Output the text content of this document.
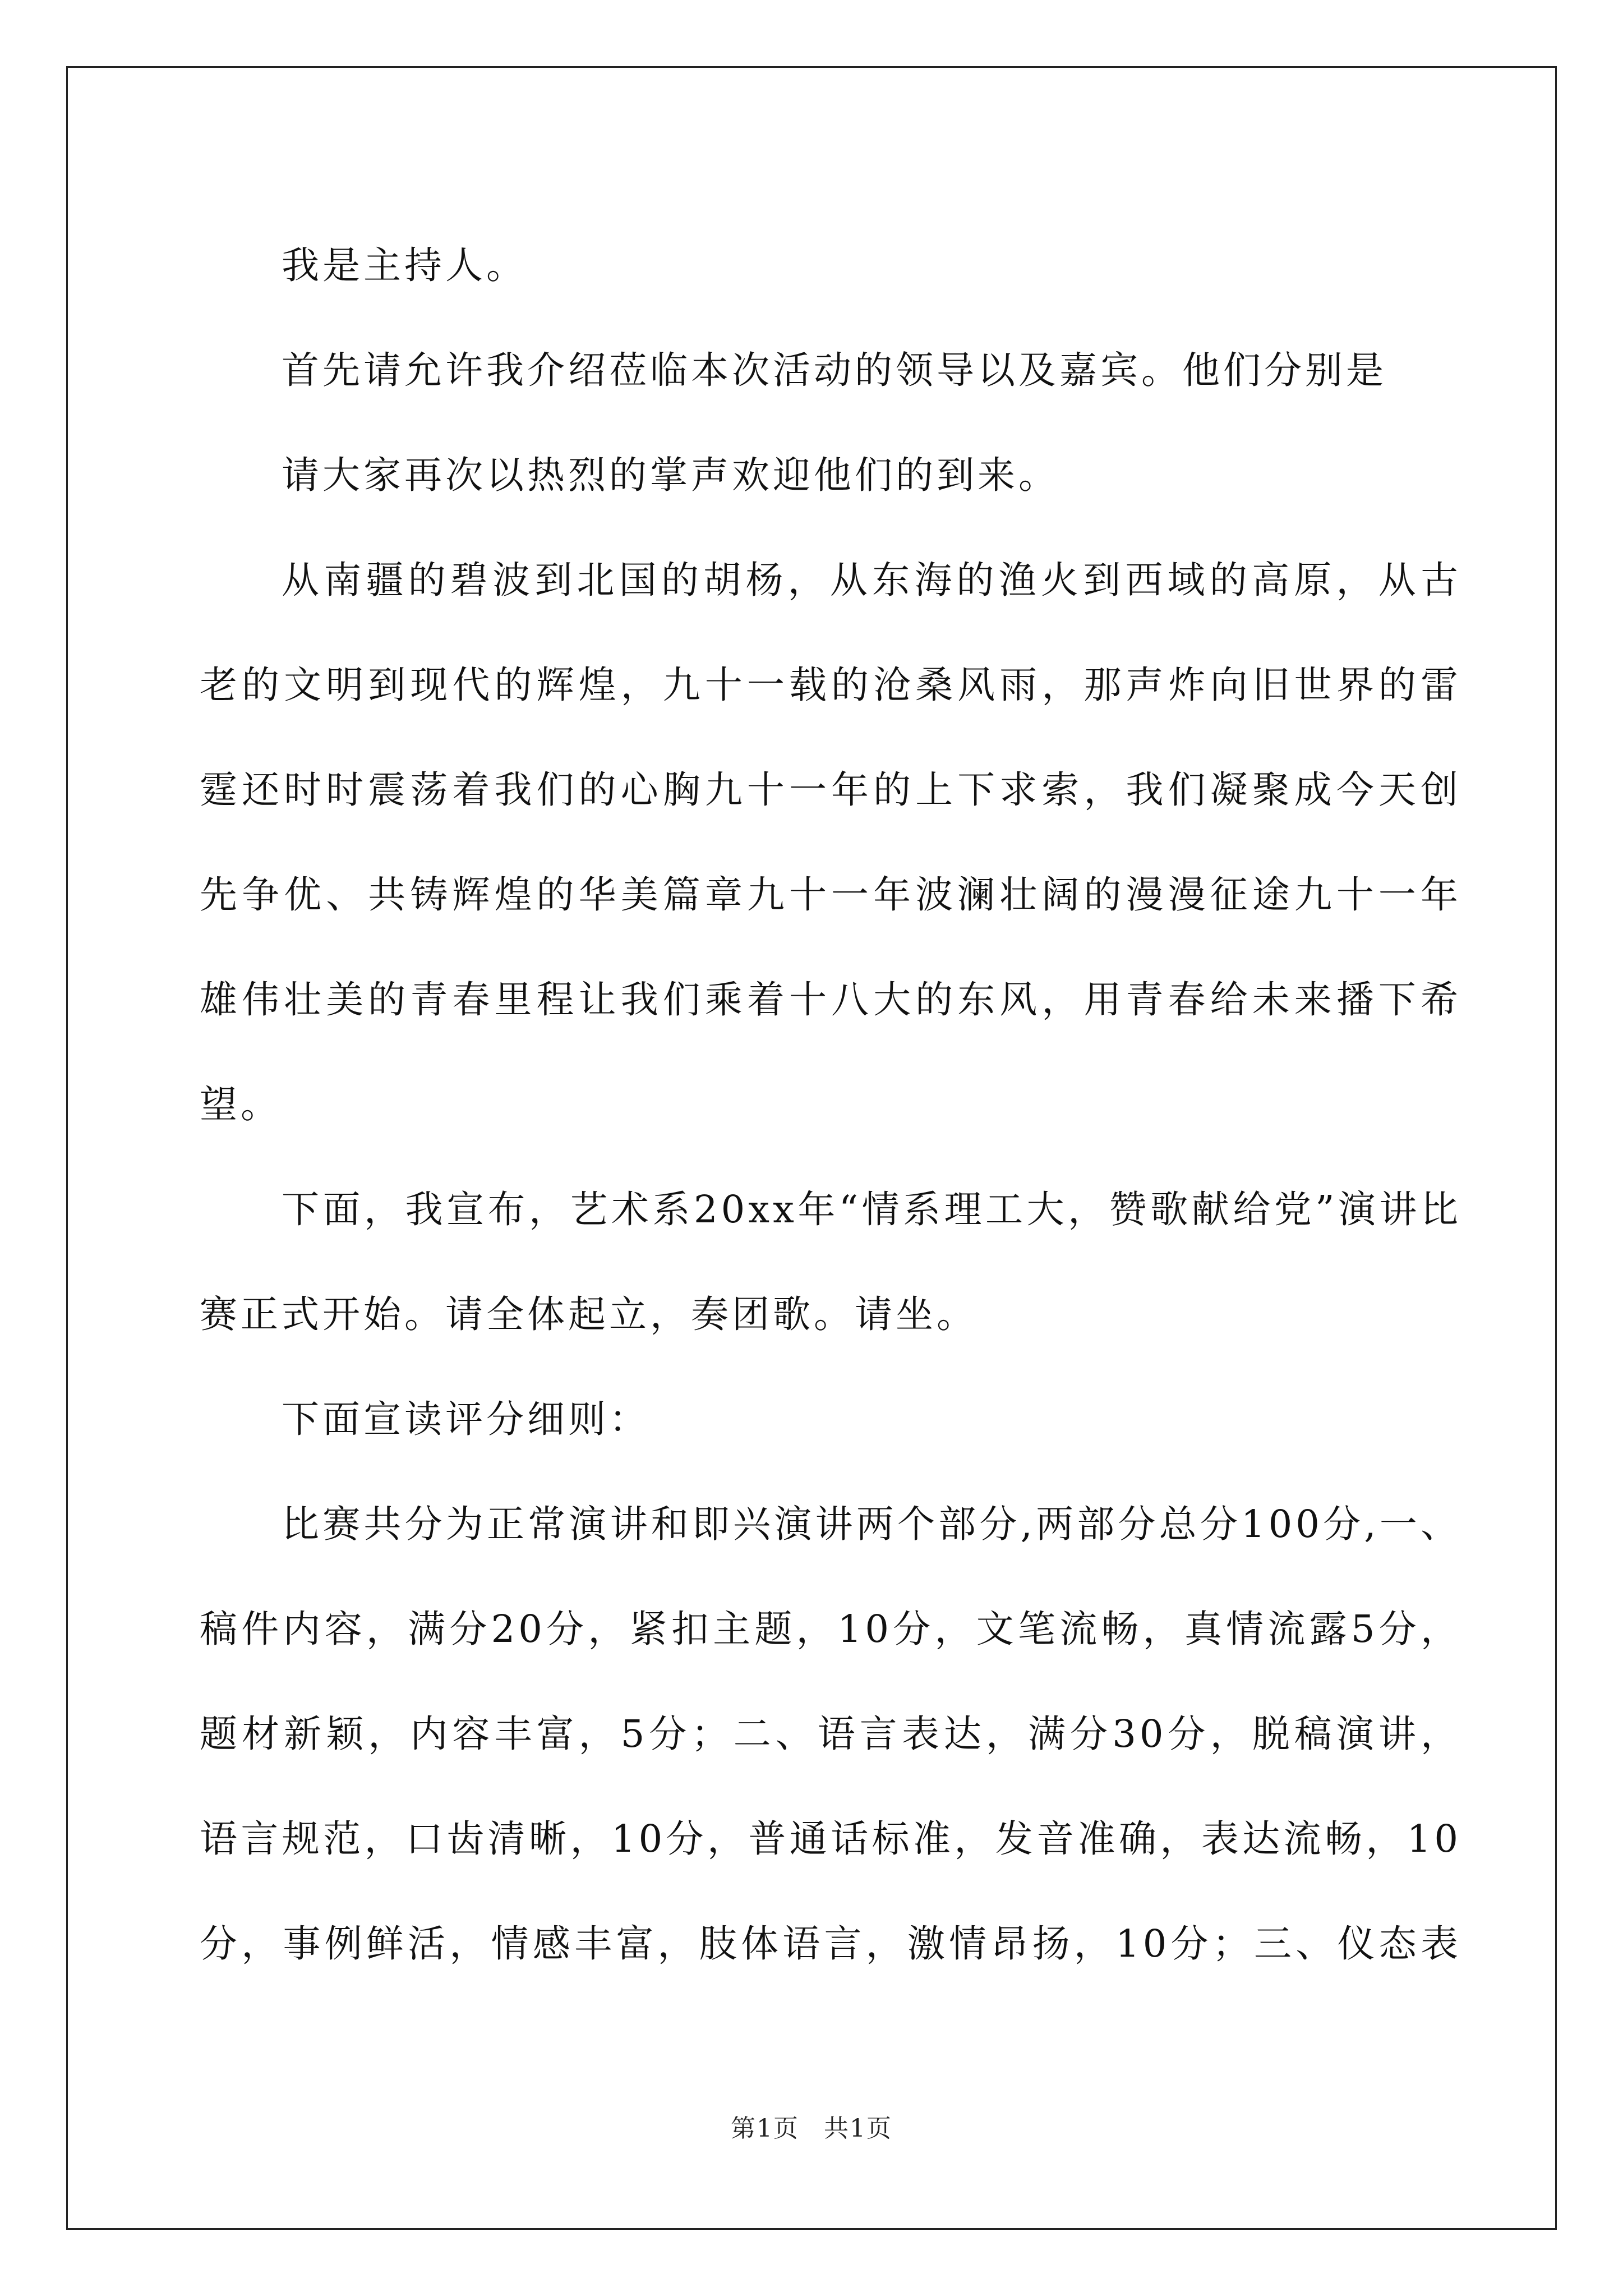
我是主持人。

首先请允许我介绍莅临本次活动的领导以及嘉宾。他们分别是

请大家再次以热烈的掌声欢迎他们的到来。

从南疆的碧波到北国的胡杨，从东海的渔火到西域的高原，从古老的文明到现代的辉煌，九十一载的沧桑风雨，那声炸向旧世界的雷霆还时时震荡着我们的心胸九十一年的上下求索，我们凝聚成今天创先争优、共铸辉煌的华美篇章九十一年波澜壮阔的漫漫征途九十一年雄伟壮美的青春里程让我们乘着十八大的东风，用青春给未来播下希望。

下面，我宣布，艺术系20xx年“情系理工大，赞歌献给党”演讲比赛正式开始。请全体起立，奏团歌。请坐。

下面宣读评分细则：

比赛共分为正常演讲和即兴演讲两个部分,两部分总分100分,一、稿件内容，满分20分，紧扣主题，10分，文笔流畅，真情流露5分，题材新颖，内容丰富，5分；二、语言表达，满分30分，脱稿演讲，语言规范，口齿清晰，10分，普通话标准，发音准确，表达流畅，10分，事例鲜活，情感丰富，肢体语言，激情昂扬，10分；三、仪态表

第1页 共1页
